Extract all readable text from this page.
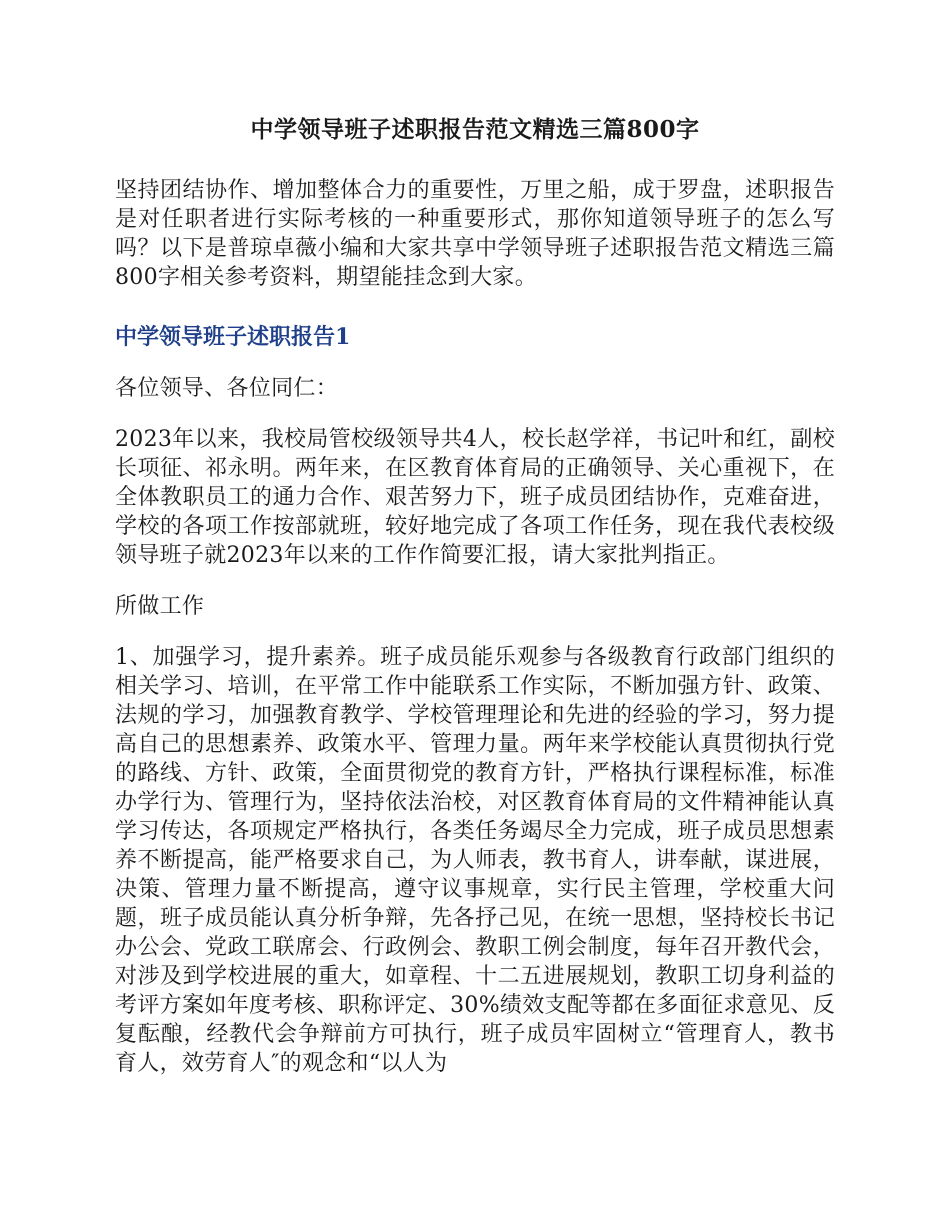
中学领导班子述职报告范文精选三篇800字

坚持团结协作、增加整体合力的重要性，万里之船，成于罗盘，述职报告是对任职者进行实际考核的一种重要形式，那你知道领导班子的怎么写吗？以下是普琼卓薇小编和大家共享中学领导班子述职报告范文精选三篇800字相关参考资料，期望能挂念到大家。

中学领导班子述职报告1

各位领导、各位同仁：

2023年以来，我校局管校级领导共4人，校长赵学祥，书记叶和红，副校长项征、祁永明。两年来，在区教育体育局的正确领导、关心重视下，在全体教职员工的通力合作、艰苦努力下，班子成员团结协作，克难奋进，学校的各项工作按部就班，较好地完成了各项工作任务，现在我代表校级领导班子就2023年以来的工作作简要汇报，请大家批判指正。

所做工作

1、加强学习，提升素养。班子成员能乐观参与各级教育行政部门组织的相关学习、培训，在平常工作中能联系工作实际，不断加强方针、政策、法规的学习，加强教育教学、学校管理理论和先进的经验的学习，努力提高自己的思想素养、政策水平、管理力量。两年来学校能认真贯彻执行党的路线、方针、政策，全面贯彻党的教育方针，严格执行课程标准，标准办学行为、管理行为，坚持依法治校，对区教育体育局的文件精神能认真学习传达，各项规定严格执行，各类任务竭尽全力完成，班子成员思想素养不断提高，能严格要求自己，为人师表，教书育人，讲奉献，谋进展，决策、管理力量不断提高，遵守议事规章，实行民主管理，学校重大问题，班子成员能认真分析争辩，先各抒己见，在统一思想，坚持校长书记办公会、党政工联席会、行政例会、教职工例会制度，每年召开教代会，对涉及到学校进展的重大，如章程、十二五进展规划，教职工切身利益的考评方案如年度考核、职称评定、30%绩效支配等都在多面征求意见、反复酝酿，经教代会争辩前方可执行，班子成员牢固树立“管理育人，教书育人，效劳育人″的观念和“以人为
